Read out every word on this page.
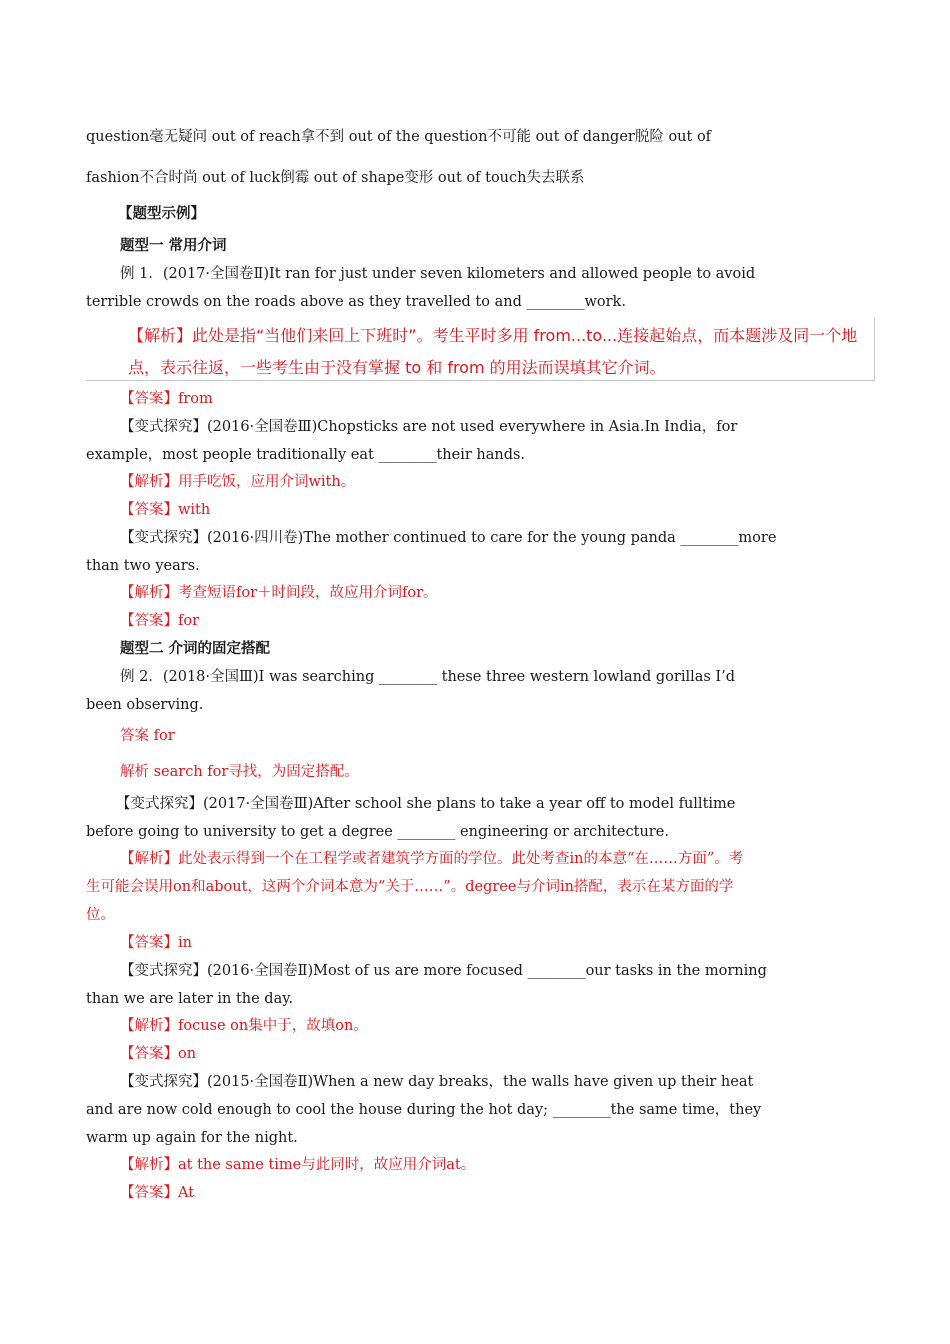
question毫无疑问 out of reach拿不到 out of the question不可能 out of danger脱险 out of
fashion不合时尚 out of luck倒霉 out of shape变形 out of touch失去联系
【题型示例】
题型一 常用介词
例 1．(2017·全国卷Ⅱ)It ran for just under seven kilometers and allowed people to avoid
terrible crowds on the roads above as they travelled to and ________work.
【解析】此处是指“当他们来回上下班时”。考生平时多用 from...to...连接起始点，而本题涉及同一个地点，表示往返，一些考生由于没有掌握 to 和 from 的用法而误填其它介词。
【答案】from
【变式探究】(2016·全国卷Ⅲ)Chopsticks are not used everywhere in Asia.In India，for
example，most people traditionally eat ________their hands.
【解析】用手吃饭，应用介词with。
【答案】with
【变式探究】(2016·四川卷)The mother continued to care for the young panda ________more
than two years.
【解析】考查短语for＋时间段，故应用介词for。
【答案】for
题型二 介词的固定搭配
例 2．(2018·全国Ⅲ)I was searching ________ these three western lowland gorillas I’d
been observing.
答案 for
解析 search for寻找，为固定搭配。
【变式探究】(2017·全国卷Ⅲ)After school she plans to take a year off to model fulltime
before going to university to get a degree ________ engineering or architecture.
【解析】此处表示得到一个在工程学或者建筑学方面的学位。此处考查in的本意“在……方面”。考
生可能会误用on和about，这两个介词本意为“关于……”。degree与介词in搭配，表示在某方面的学
位。
【答案】in
【变式探究】(2016·全国卷Ⅱ)Most of us are more focused ________our tasks in the morning
than we are later in the day.
【解析】focuse on集中于，故填on。
【答案】on
【变式探究】(2015·全国卷Ⅱ)When a new day breaks，the walls have given up their heat
and are now cold enough to cool the house during the hot day; ________the same time，they
warm up again for the night.
【解析】at the same time与此同时，故应用介词at。
【答案】At
